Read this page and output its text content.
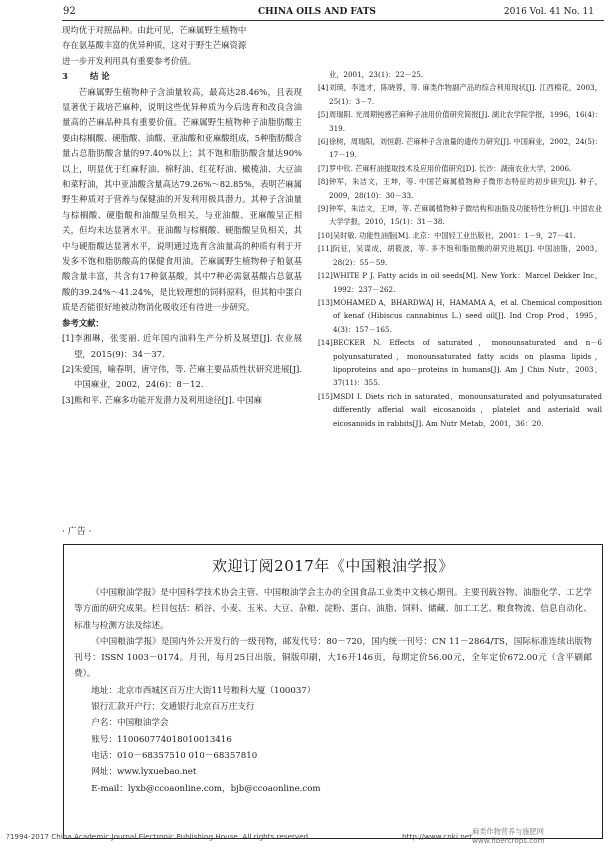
92	CHINA OILS AND FATS	2016 Vol. 41 No. 11

现均优于对照品种。由此可见，芒麻属野生植物中

存在氨基酸丰富的优异种质，这对于野生芒麻资源

进一步开发利用具有重要参考价值。

3	结 论

芒麻属野生植物种子含油量较高，最高达28.46%，且表现显著优于栽培芒麻种，说明这些优异种质为今后选育和改良含油量高的芒麻品种具有重要价值。芒麻属野生植物种子油脂肪酸主要由棕榈酸、硬脂酸、油酸、亚油酸和亚麻酸组成，5种脂肪酸含量占总脂肪酸含量的97.40%以上；其不饱和脂肪酸含量达90%以上，明显优于红麻籽油、棉籽油、红花籽油、橄榄油、大豆油和菜籽油，其中亚油酸含量高达79.26%～82.85%，表明芒麻属野生种质对于营养与保健油的开发利用极具潜力。其种子含油量与棕榈酸、硬脂酸和油酸呈负相关，与亚油酸、亚麻酸呈正相关，但均未达显著水平。亚油酸与棕榈酸、硬脂酸呈负相关，其中与硬脂酸达显著水平，说明通过选育含油量高的种质有利于开发多不饱和脂肪酸高的保健食用油。芒麻属野生植物种子粕氨基酸含量丰富，共含有17种氨基酸，其中7种必需氨基酸占总氨基酸的39.24%～41.24%，是比较理想的饲料原料，但其粕中蛋白质是否能很好地被动物消化吸收还有待进一步研究。

参考文献：

[1] 李湘琳，张雯丽. 近年国内油料生产分析及展望[J]. 农业展望，2015(9)：34－37.
[2] 朱爱国，喻春明，唐守伟，等. 芒麻主要品质性状研究进展[J]. 中国麻业，2002，24(6)：8－12.
[3] 熊和平. 芒麻多功能开发潜力及利用途径[J]. 中国麻
业，2001，23(1)：22－25.
[4] 刘瑛，李选才，陈晓蓉，等. 麻类作物副产品的综合利用现状[J]. 江西棉花，2003，25(1)：3－7.
[5] 周瑞阳. 光周期钝感芒麻种子油用价值研究简报[J]. 湖北农学院学报，1996，16(4)：319.
[6] 徐树，周瑞阳，刘恒蔚. 芒麻种子含油量的遗传力研究[J]. 中国麻业，2002，24(5)：17－19.
[7] 罗中钦. 芒麻籽油提取技术及应用价值研究[D]. 长沙：湖南农业大学，2006.
[8] 钟军，朱洁文，王坤，等. 中国芒麻属植物种子微形态特征的初步研究[J]. 种子，2009，28(10)：30－33.
[9] 钟军，朱洁文，王坤，等. 芒麻属植物种子微结构和油脂及功能特性分析[J]. 中国农业大学学报，2010，15(1)：31－38.
[10] 吴时敏. 功能性油脂[M]. 北京：中国轻工业出版社，2001：1－9，27－41.
[11] 阮征，吴谋成，胡筱波，等. 多不饱和脂肪酸的研究进展[J]. 中国油脂，2003，28(2)：55－59.
[12] WHITE P J. Fatty acids in oil seeds[M]. New York：Marcel Dekker Inc，1992：237－262.
[13] MOHAMED A，BHARDWAJ H，HAMAMA A，et al. Chemical composition of kenaf (Hibiscus cannabinus L.) seed oil[J]. Ind Crop Prod，1995，4(3)：157－165.
[14] BECKER N. Effects of saturated，monounsaturated and n－6 polyunsaturated，monounsaturated fatty acids on plasma lipids，lipoproteins and apo－proteins in humans[J]. Am J Chin Nutr，2003，37(11)：355.
[15] MSDI I. Diets rich in saturated，monounsaturated and polyunsaturated differently afferial wall eicosanoids，platelet and asteriald wall eicosanoids in rabbits[J]. Am Nutr Metab，2001，36：20.
· 广告 ·
欢迎订阅2017年《中国粮油学报》

《中国粮油学报》是中国科学技术协会主管、中国粮油学会主办的全国食品工业类中文核心期刊。主要刊载谷物、油脂化学、工艺学等方面的研究成果。栏目包括：稻谷、小麦、玉米、大豆、杂粮、淀粉、蛋白、油脂、饲料、储藏、加工工艺、粮食物流、信息自动化、标准与检测方法及综述。

《中国粮油学报》是国内外公开发行的一级刊物，邮发代号：80－720，国内统一刊号：CN 11－2864/TS，国际标准连续出版物刊号：ISSN 1003－0174。月刊，每月25日出版，铜版印刷，大16开146页，每期定价56.00元，全年定价672.00元（含平刷邮费）。

地址：北京市西城区百万庄大街11号粮科大厦（100037）

银行汇款开户行：交通银行北京百万庄支行

户名：中国粮油学会

账号：110060774018010013416

电话：010－68357510 010－68357810

网址：www.lyxuebao.net

E-mail：lyxb@ccoaonline.com，bjb@ccoaonline.com

?1994-2017 China Academic Journal Electronic Publishing House. All rights reserved.	http://www.cnki.net
麻类作物营养与施肥网 www.fibercrops.com
